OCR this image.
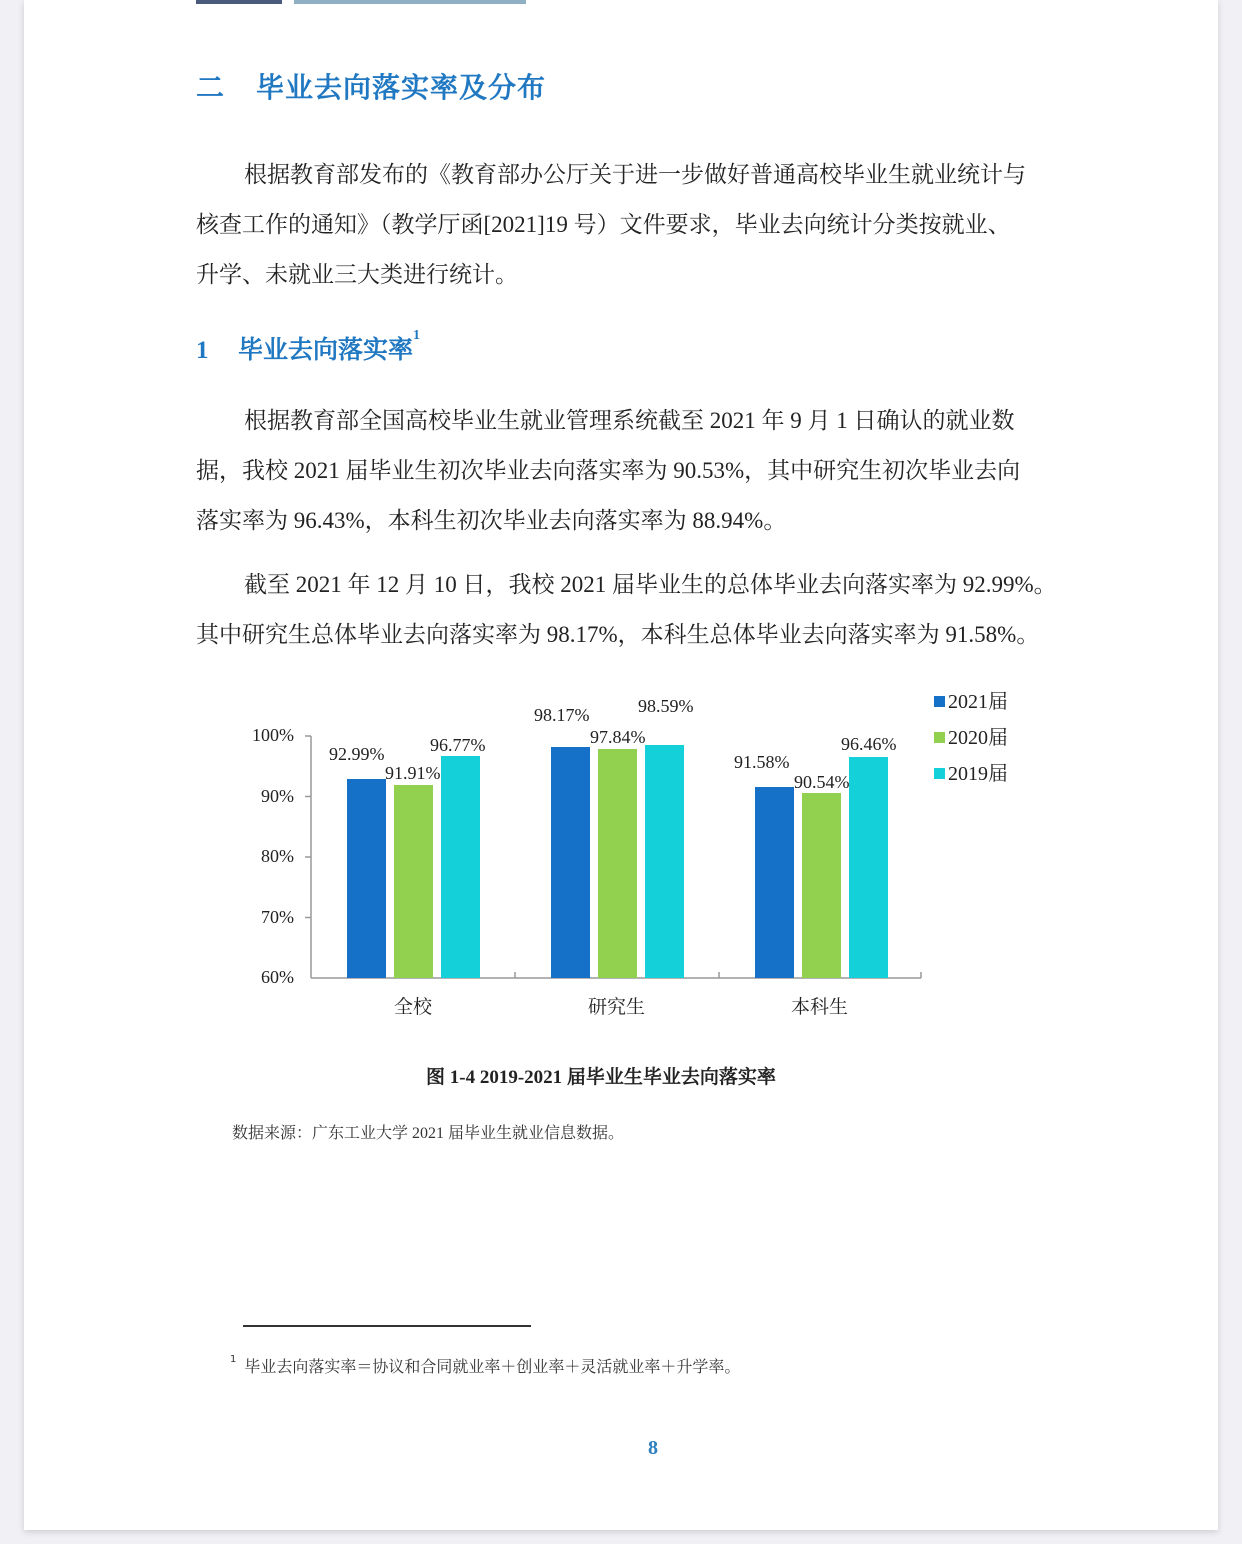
二 毕业去向落实率及分布
根据教育部发布的《教育部办公厅关于进一步做好普通高校毕业生就业统计与
核查工作的通知》（教学厅函[2021]19 号）文件要求，毕业去向统计分类按就业、
升学、未就业三大类进行统计。
1 毕业去向落实率$^1$
根据教育部全国高校毕业生就业管理系统截至 2021 年 9 月 1 日确认的就业数
据，我校 2021 届毕业生初次毕业去向落实率为 90.53%，其中研究生初次毕业去向
落实率为 96.43%，本科生初次毕业去向落实率为 88.94%。
截至 2021 年 12 月 10 日，我校 2021 届毕业生的总体毕业去向落实率为 92.99%。
其中研究生总体毕业去向落实率为 98.17%，本科生总体毕业去向落实率为 91.58%。
100%
90%
80%
70%
60%
92.99%
91.91%
96.77%
98.17%
97.84%
98.59%
91.58%
90.54%
96.46%
全校	研究生	本科生
2021届
2020届
2019届
图 1-4 2019-2021 届毕业生毕业去向落实率
数据来源：广东工业大学 2021 届毕业生就业信息数据。
$^1$ 毕业去向落实率＝协议和合同就业率＋创业率＋灵活就业率＋升学率。
8
